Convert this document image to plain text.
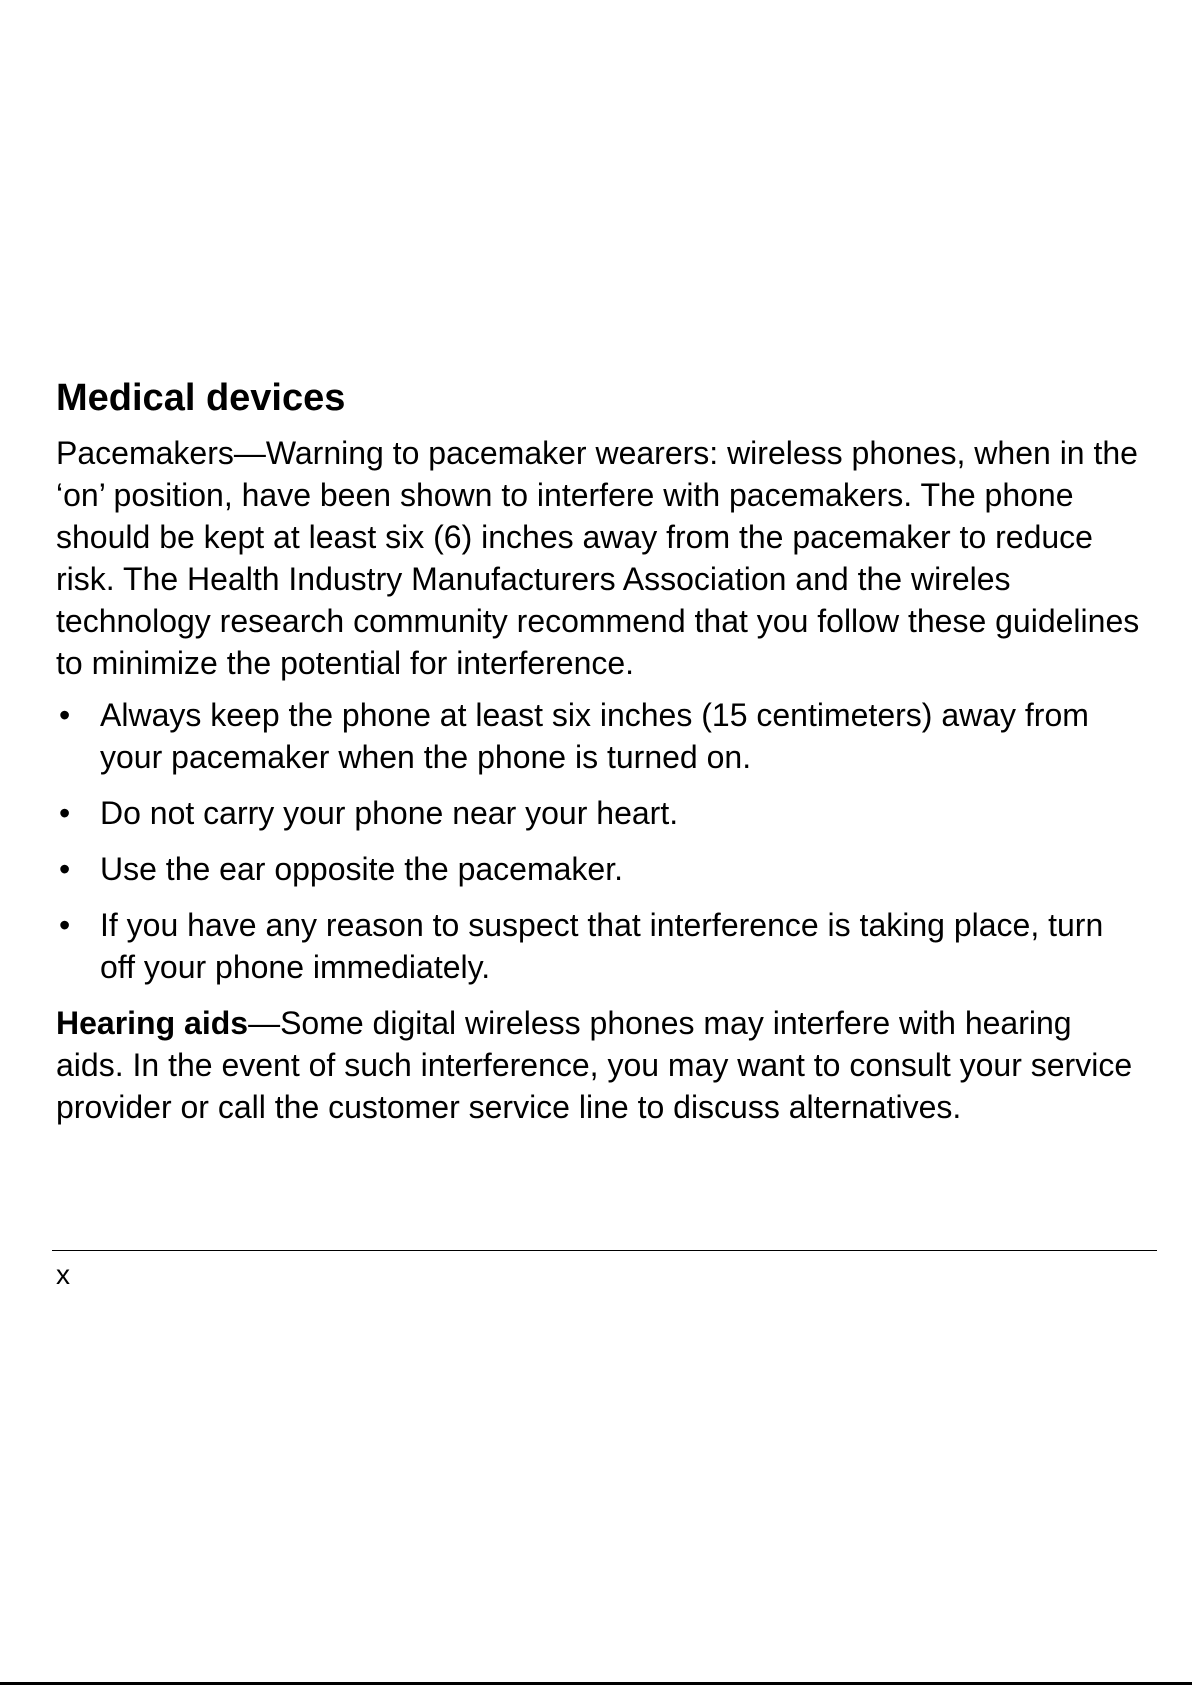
Medical devices

Pacemakers—Warning to pacemaker wearers: wireless phones, when in the ‘on’ position, have been shown to interfere with pacemakers. The phone should be kept at least six (6) inches away from the pacemaker to reduce risk. The Health Industry Manufacturers Association and the wireles technology research community recommend that you follow these guidelines to minimize the potential for interference.

• Always keep the phone at least six inches (15 centimeters) away from your pacemaker when the phone is turned on.
• Do not carry your phone near your heart.
• Use the ear opposite the pacemaker.
• If you have any reason to suspect that interference is taking place, turn off your phone immediately.

Hearing aids—Some digital wireless phones may interfere with hearing aids. In the event of such interference, you may want to consult your service provider or call the customer service line to discuss alternatives.

x
